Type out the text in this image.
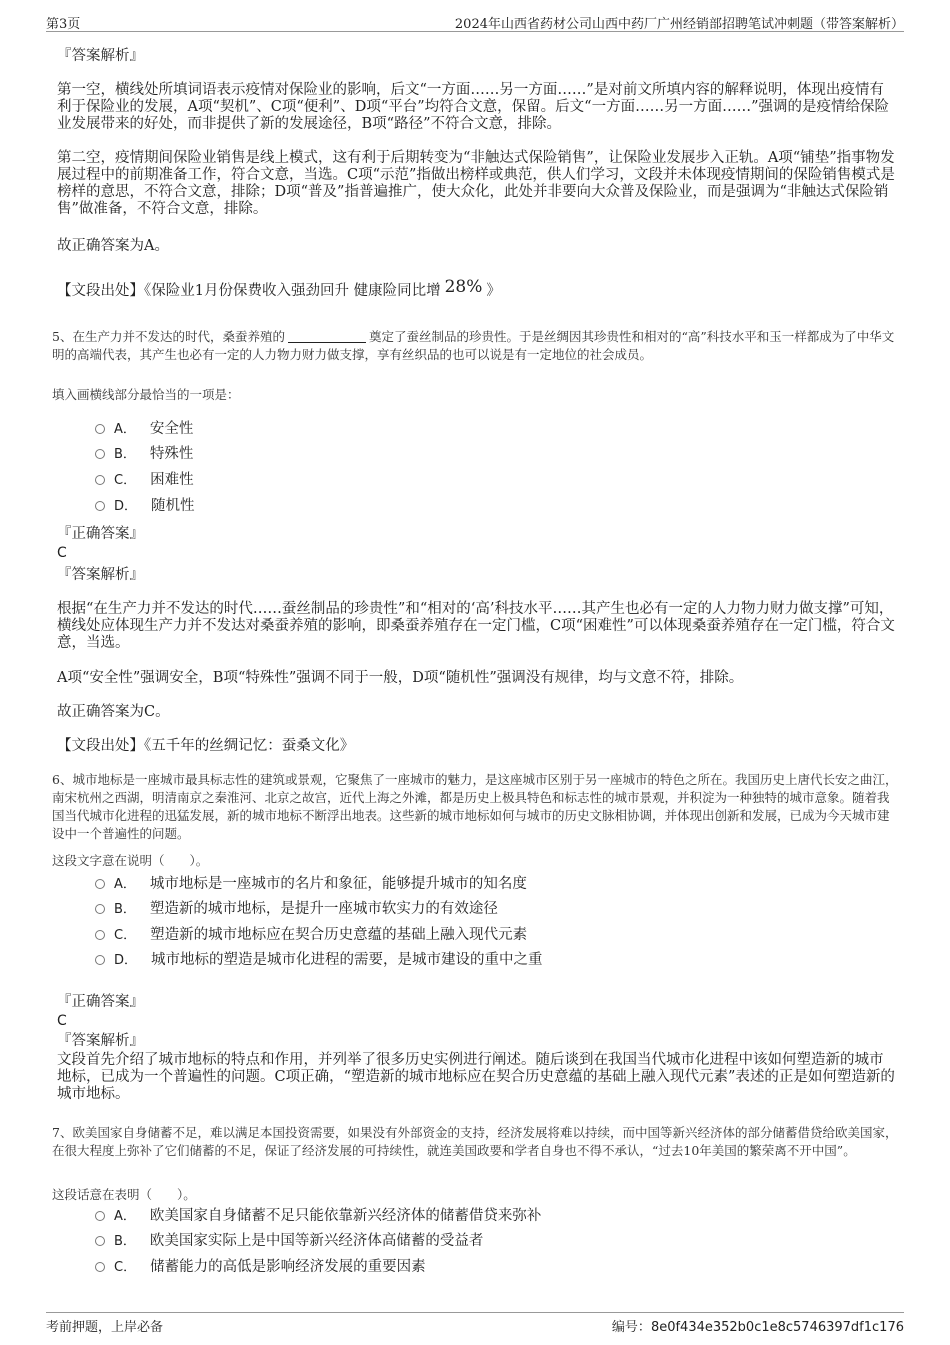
第3页	2024年山西省药材公司山西中药厂广州经销部招聘笔试冲刺题（带答案解析）
『答案解析』
第一空，横线处所填词语表示疫情对保险业的影响，后文“一方面……另一方面……”是对前文所填内容的解释说明，体现出疫情有利于保险业的发展，A项“契机”、C项“便利”、D项“平台”均符合文意，保留。后文“一方面……另一方面……”强调的是疫情给保险业发展带来的好处，而非提供了新的发展途径，B项“路径”不符合文意，排除。
第二空，疫情期间保险业销售是线上模式，这有利于后期转变为“非触达式保险销售”，让保险业发展步入正轨。A项“铺垫”指事物发展过程中的前期准备工作，符合文意，当选。C项“示范”指做出榜样或典范，供人们学习，文段并未体现疫情期间的保险销售模式是榜样的意思，不符合文意，排除；D项“普及”指普遍推广，使大众化，此处并非要向大众普及保险业，而是强调为“非触达式保险销售”做准备，不符合文意，排除。
故正确答案为A。
【文段出处】《保险业1月份保费收入强劲回升 健康险同比增 28% 》
5、在生产力并不发达的时代，桑蚕养殖的	奠定了蚕丝制品的珍贵性。于是丝绸因其珍贵性和相对的“高”科技水平和玉一样都成为了中华文明的高端代表，其产生也必有一定的人力物力财力做支撑，享有丝织品的也可以说是有一定地位的社会成员。
填入画横线部分最恰当的一项是：
A． 安全性
B． 特殊性
C． 困难性
D． 随机性
『正确答案』
C
『答案解析』
根据“在生产力并不发达的时代……蚕丝制品的珍贵性”和“相对的‘高’科技水平……其产生也必有一定的人力物力财力做支撑”可知，横线处应体现生产力并不发达对桑蚕养殖的影响，即桑蚕养殖存在一定门槛，C项“困难性”可以体现桑蚕养殖存在一定门槛，符合文意，当选。
A项“安全性”强调安全，B项“特殊性”强调不同于一般，D项“随机性”强调没有规律，均与文意不符，排除。
故正确答案为C。
【文段出处】《五千年的丝绸记忆：蚕桑文化》
6、城市地标是一座城市最具标志性的建筑或景观，它聚焦了一座城市的魅力，是这座城市区别于另一座城市的特色之所在。我国历史上唐代长安之曲江，南宋杭州之西湖，明清南京之秦淮河、北京之故宫，近代上海之外滩，都是历史上极具特色和标志性的城市景观，并积淀为一种独特的城市意象。随着我国当代城市化进程的迅猛发展，新的城市地标不断浮出地表。这些新的城市地标如何与城市的历史文脉相协调，并体现出创新和发展，已成为今天城市建设中一个普遍性的问题。
这段文字意在说明（　　）。
A． 城市地标是一座城市的名片和象征，能够提升城市的知名度
B． 塑造新的城市地标，是提升一座城市软实力的有效途径
C． 塑造新的城市地标应在契合历史意蕴的基础上融入现代元素
D． 城市地标的塑造是城市化进程的需要，是城市建设的重中之重
『正确答案』
C
『答案解析』
文段首先介绍了城市地标的特点和作用，并列举了很多历史实例进行阐述。随后谈到在我国当代城市化进程中该如何塑造新的城市地标，已成为一个普遍性的问题。C项正确，“塑造新的城市地标应在契合历史意蕴的基础上融入现代元素”表述的正是如何塑造新的城市地标。
7、欧美国家自身储蓄不足，难以满足本国投资需要，如果没有外部资金的支持，经济发展将难以持续，而中国等新兴经济体的部分储蓄借贷给欧美国家，在很大程度上弥补了它们储蓄的不足，保证了经济发展的可持续性，就连美国政要和学者自身也不得不承认，“过去10年美国的繁荣离不开中国”。
这段话意在表明（　　）。
A． 欧美国家自身储蓄不足只能依靠新兴经济体的储蓄借贷来弥补
B． 欧美国家实际上是中国等新兴经济体高储蓄的受益者
C． 储蓄能力的高低是影响经济发展的重要因素
考前押题，上岸必备	编号：8e0f434e352b0c1e8c5746397df1c176
